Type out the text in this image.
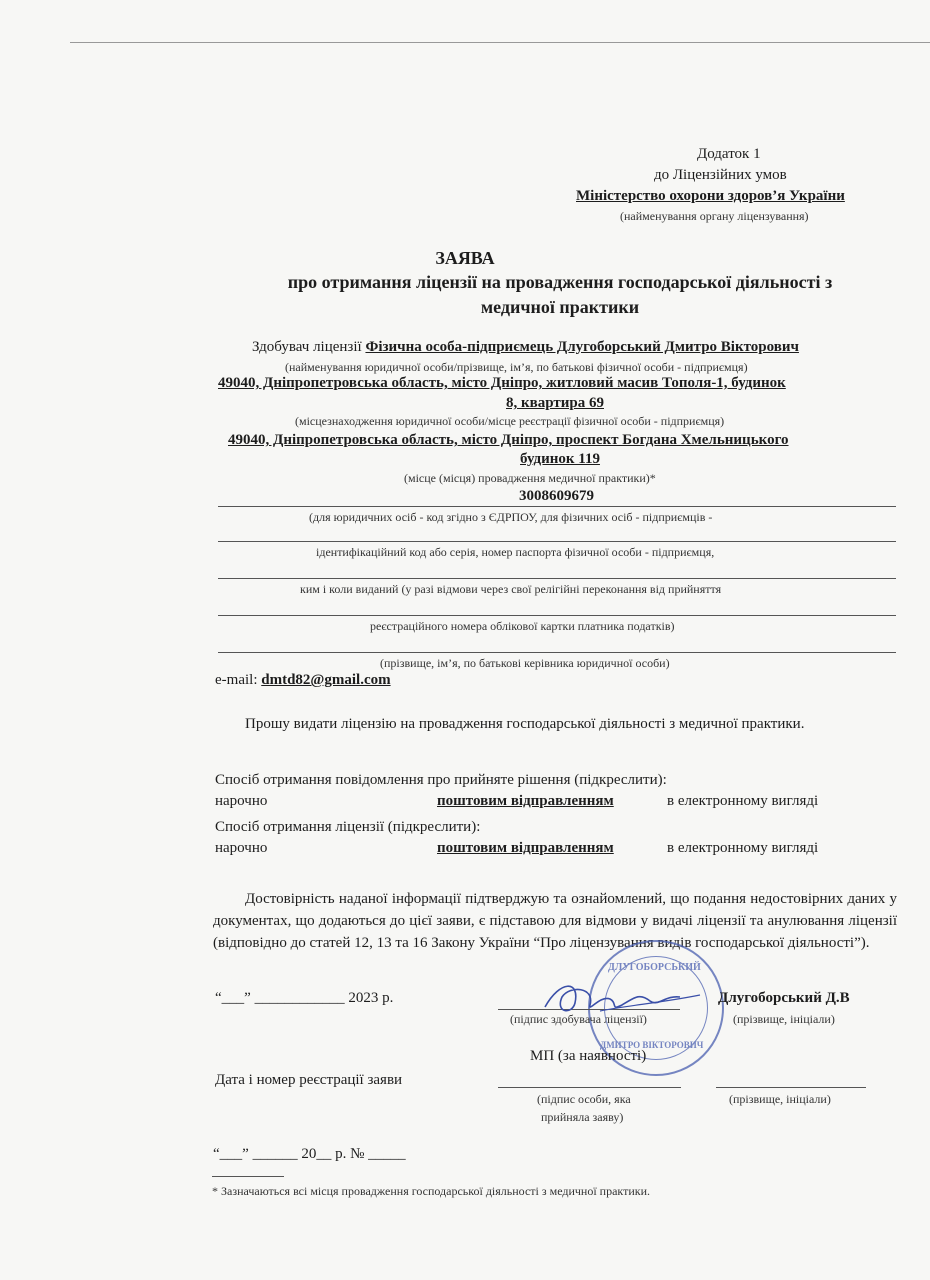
Додаток 1
до Ліцензійних умов
Міністерство охорони здоров’я України
(найменування органу ліцензування)
ЗАЯВА
про отримання ліцензії на провадження господарської діяльності з
медичної практики
Здобувач ліцензії Фізична особа-підприємець Длугоборський Дмитро Вікторович
(найменування юридичної особи/прізвище, ім’я, по батькові фізичної особи - підприємця)
49040, Дніпропетровська область, місто Дніпро, житловий масив Тополя-1, будинок
8, квартира 69
(місцезнаходження юридичної особи/місце реєстрації фізичної особи - підприємця)
49040, Дніпропетровська область, місто Дніпро, проспект Богдана Хмельницького
будинок 119
(місце (місця) провадження медичної практики)*
3008609679
(для юридичних осіб - код згідно з ЄДРПОУ, для фізичних осіб - підприємців -
ідентифікаційний код або серія, номер паспорта фізичної особи - підприємця,
ким і коли виданий (у разі відмови через свої релігійні переконання від прийняття
реєстраційного номера облікової картки платника податків)
(прізвище, ім’я, по батькові керівника юридичної особи)
e-mail: dmtd82@gmail.com
Прошу видати ліцензію на провадження господарської діяльності з медичної практики.
Спосіб отримання повідомлення про прийняте рішення (підкреслити):
нарочно	поштовим відправленням	в електронному вигляді
Спосіб отримання ліцензії (підкреслити):
нарочно	поштовим відправленням	в електронному вигляді
Достовірність наданої інформації підтверджую та ознайомлений, що подання недостовірних даних у документах, що додаються до цієї заяви, є підставою для відмови у видачі ліцензії та анулювання ліцензії (відповідно до статей 12, 13 та 16 Закону України “Про ліцензування видів господарської діяльності”).
ДЛУГОБОРСЬКИЙ
ДМИТРО ВІКТОРОВИЧ
“___” ____________ 2023 р.	Длугоборський Д.В
(підпис здобувача ліцензії)	(прізвище, ініціали)
МП (за наявності)
Дата і номер реєстрації заяви
(підпис особи, яка
прийняла заяву)
(прізвище, ініціали)
“___” ______ 20__ р. № _____
* Зазначаються всі місця провадження господарської діяльності з медичної практики.
